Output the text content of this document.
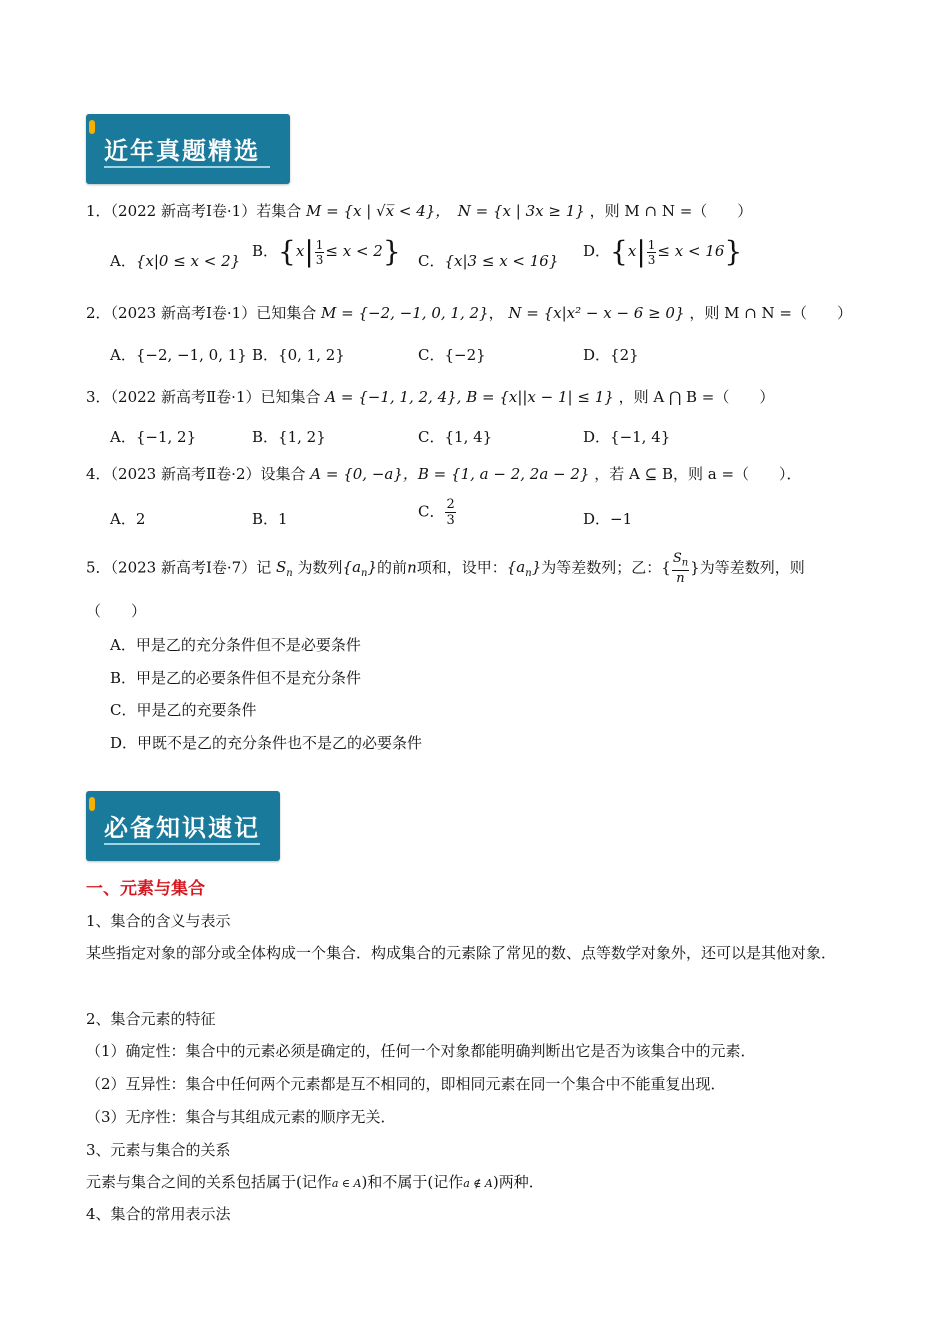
近年真题精选
1．（2022 新高考Ⅰ卷·1）若集合 M = {x | √x̅ < 4}，　N = {x | 3x ≥ 1} ，则 M ∩ N =（　　）
A．{x|0 ≤ x < 2}
B．$\{x| \frac{1}{3} \le x < 2\}$ C．{x|3 ≤ x < 16}
D．$\{x| \frac{1}{3} \le x < 16\}$
2．（2023 新高考Ⅰ卷·1）已知集合 M = {−2, −1, 0, 1, 2}， N = {x|x² − x − 6 ≥ 0} ，则 M ∩ N =（　　）
A．{−2, −1, 0, 1} B．{0, 1, 2}	C．{−2}	D．{2}
3．（2022 新高考Ⅱ卷·1）已知集合 A = {−1, 1, 2, 4}, B = {x||x − 1| ≤ 1} ，则 A ⋂ B =（　　）
A．{−1, 2}	B．{1, 2}	C．{1, 4}	D．{−1, 4}
4．（2023 新高考Ⅱ卷·2）设集合 A = {0, −a}，B = {1, a − 2, 2a − 2} ，若 A ⊆ B，则 a =（　　）．
A．2	B．1	C． $\frac{2}{3}$	D．−1
5．（2023 新高考Ⅰ卷·7）记 $S_n$ 为数列$\{a_n\}$的前n项和，设甲：$\{a_n\}$为等差数列；乙：{ $\frac{S_n}{n}$ }为等差数列，则
（　　）
A．甲是乙的充分条件但不是必要条件
B．甲是乙的必要条件但不是充分条件
C．甲是乙的充要条件
D．甲既不是乙的充分条件也不是乙的必要条件
必备知识速记
一、元素与集合
1、集合的含义与表示
某些指定对象的部分或全体构成一个集合．构成集合的元素除了常见的数、点等数学对象外，还可以是其他对象．
2、集合元素的特征
（1）确定性：集合中的元素必须是确定的，任何一个对象都能明确判断出它是否为该集合中的元素．
（2）互异性：集合中任何两个元素都是互不相同的，即相同元素在同一个集合中不能重复出现．
（3）无序性：集合与其组成元素的顺序无关．
3、元素与集合的关系
元素与集合之间的关系包括属于(记作a ∈ A)和不属于(记作a ∉ A)两种．
4、集合的常用表示法
